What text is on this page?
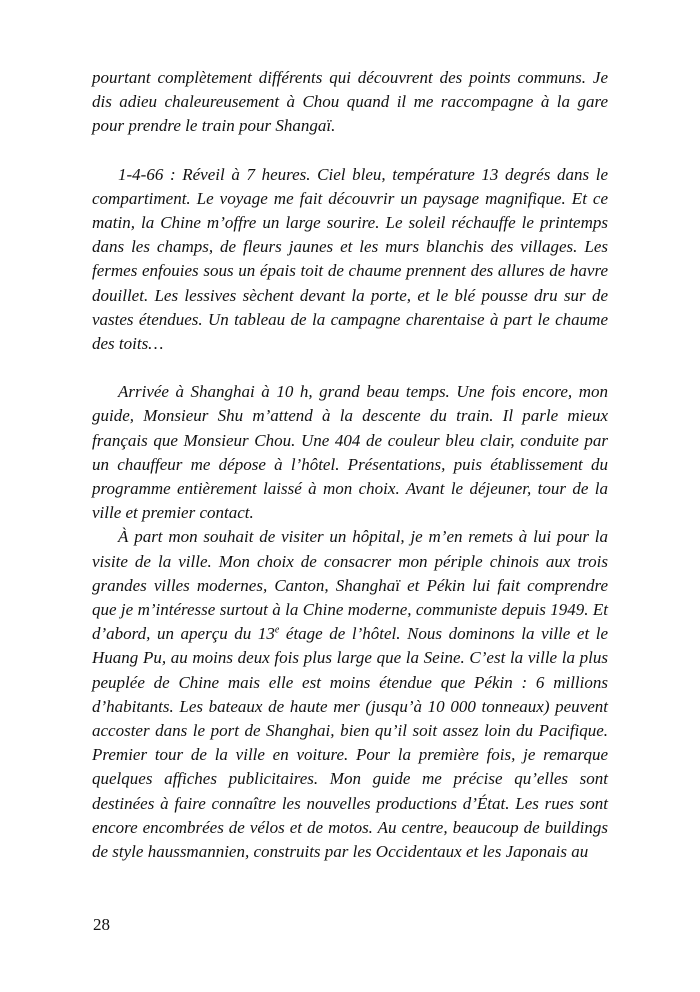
pourtant complètement différents qui découvrent des points communs. Je dis adieu chaleureusement à Chou quand il me raccompagne à la gare pour prendre le train pour Shangaï.

1-4-66 : Réveil à 7 heures. Ciel bleu, température 13 degrés dans le compartiment. Le voyage me fait découvrir un paysage magnifique. Et ce matin, la Chine m’offre un large sourire. Le soleil réchauffe le printemps dans les champs, de fleurs jaunes et les murs blanchis des villages. Les fermes enfouies sous un épais toit de chaume prennent des allures de havre douillet. Les lessives sèchent devant la porte, et le blé pousse dru sur de vastes étendues. Un tableau de la campagne charentaise à part le chaume des toits…

Arrivée à Shanghai à 10 h, grand beau temps. Une fois encore, mon guide, Monsieur Shu m’attend à la descente du train. Il parle mieux français que Monsieur Chou. Une 404 de couleur bleu clair, conduite par un chauffeur me dépose à l’hôtel. Présentations, puis établissement du programme entièrement laissé à mon choix. Avant le déjeuner, tour de la ville et premier contact.

À part mon souhait de visiter un hôpital, je m’en remets à lui pour la visite de la ville. Mon choix de consacrer mon périple chinois aux trois grandes villes modernes, Canton, Shanghaï et Pékin lui fait comprendre que je m’intéresse surtout à la Chine moderne, communiste depuis 1949. Et d’abord, un aperçu du 13e étage de l’hôtel. Nous dominons la ville et le Huang Pu, au moins deux fois plus large que la Seine. C’est la ville la plus peuplée de Chine mais elle est moins étendue que Pékin : 6 millions d’habitants. Les bateaux de haute mer (jusqu’à 10 000 tonneaux) peuvent accoster dans le port de Shanghai, bien qu’il soit assez loin du Pacifique. Premier tour de la ville en voiture. Pour la première fois, je remarque quelques affiches publicitaires. Mon guide me précise qu’elles sont destinées à faire connaître les nouvelles productions d’État. Les rues sont encore encombrées de vélos et de motos. Au centre, beaucoup de buildings de style haussmannien, construits par les Occidentaux et les Japonais au

28
